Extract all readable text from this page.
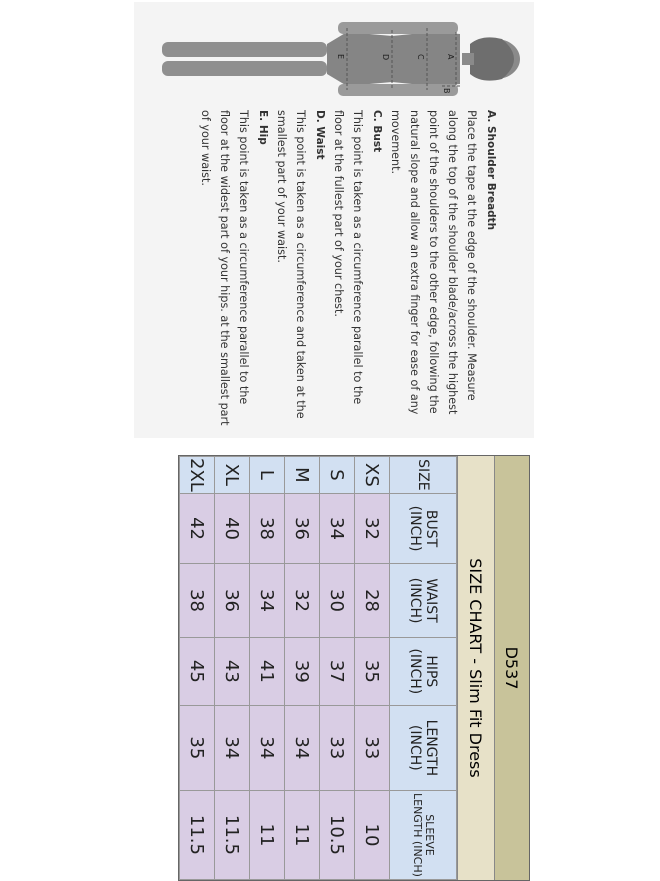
A
B
C
D
E

A. Shoulder Breadth

Place the tape at the edge of the shoulder. Measure along the top of the shoulder blade/across the highest point of the shoulders to the other edge, following the natural slope and allow an extra finger for ease of any movement.

C. Bust

This point is taken as a circumference parallel to the floor at the fullest part of your chest.

D. Waist

This point is taken as a circumference and taken at the smallest part of your waist.

E. Hip

This point is taken as a circumference parallel to the floor at the widest part of your hips. at the smallest part of your waist.

D537
SIZE CHART - Slim Fit Dress
SIZE	BUST (INCH)	WAIST (INCH)	HIPS (INCH)	LENGTH (INCH)	SLEEVE LENGTH (INCH)
XS	32	28	35	33	10
S	34	30	37	33	10.5
M	36	32	39	34	11
L	38	34	41	34	11
XL	40	36	43	34	11.5
2XL	42	38	45	35	11.5
